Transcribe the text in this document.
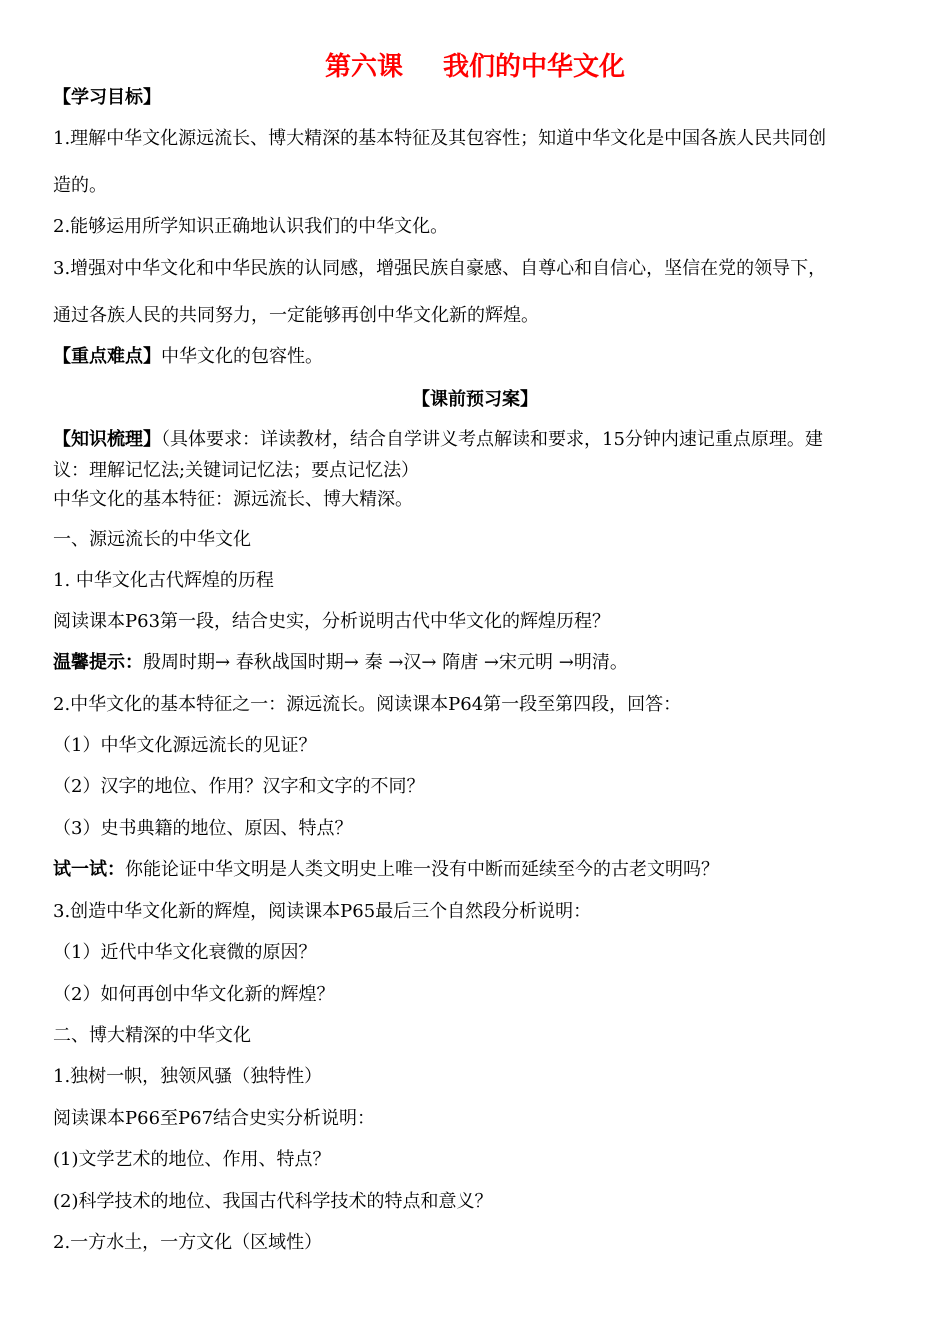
第六课 我们的中华文化
【学习目标】
1.理解中华文化源远流长、博大精深的基本特征及其包容性；知道中华文化是中国各族人民共同创
造的。
2.能够运用所学知识正确地认识我们的中华文化。
3.增强对中华文化和中华民族的认同感，增强民族自豪感、自尊心和自信心，坚信在党的领导下，
通过各族人民的共同努力，一定能够再创中华文化新的辉煌。
【重点难点】中华文化的包容性。
【课前预习案】
【知识梳理】（具体要求：详读教材，结合自学讲义考点解读和要求，15分钟内速记重点原理。建
议：理解记忆法;关键词记忆法；要点记忆法）
中华文化的基本特征：源远流长、博大精深。
一、源远流长的中华文化
1. 中华文化古代辉煌的历程
阅读课本P63第一段，结合史实，分析说明古代中华文化的辉煌历程？
温馨提示：殷周时期→ 春秋战国时期→ 秦 →汉→ 隋唐 →宋元明 →明清。
2.中华文化的基本特征之一：源远流长。阅读课本P64第一段至第四段，回答：
（1）中华文化源远流长的见证？
（2）汉字的地位、作用？汉字和文字的不同？
（3）史书典籍的地位、原因、特点？
试一试：你能论证中华文明是人类文明史上唯一没有中断而延续至今的古老文明吗？
3.创造中华文化新的辉煌，阅读课本P65最后三个自然段分析说明：
（1）近代中华文化衰微的原因？
（2）如何再创中华文化新的辉煌？
二、博大精深的中华文化
1.独树一帜，独领风骚（独特性）
阅读课本P66至P67结合史实分析说明：
(1)文学艺术的地位、作用、特点？
(2)科学技术的地位、我国古代科学技术的特点和意义？
2.一方水土，一方文化（区域性）
